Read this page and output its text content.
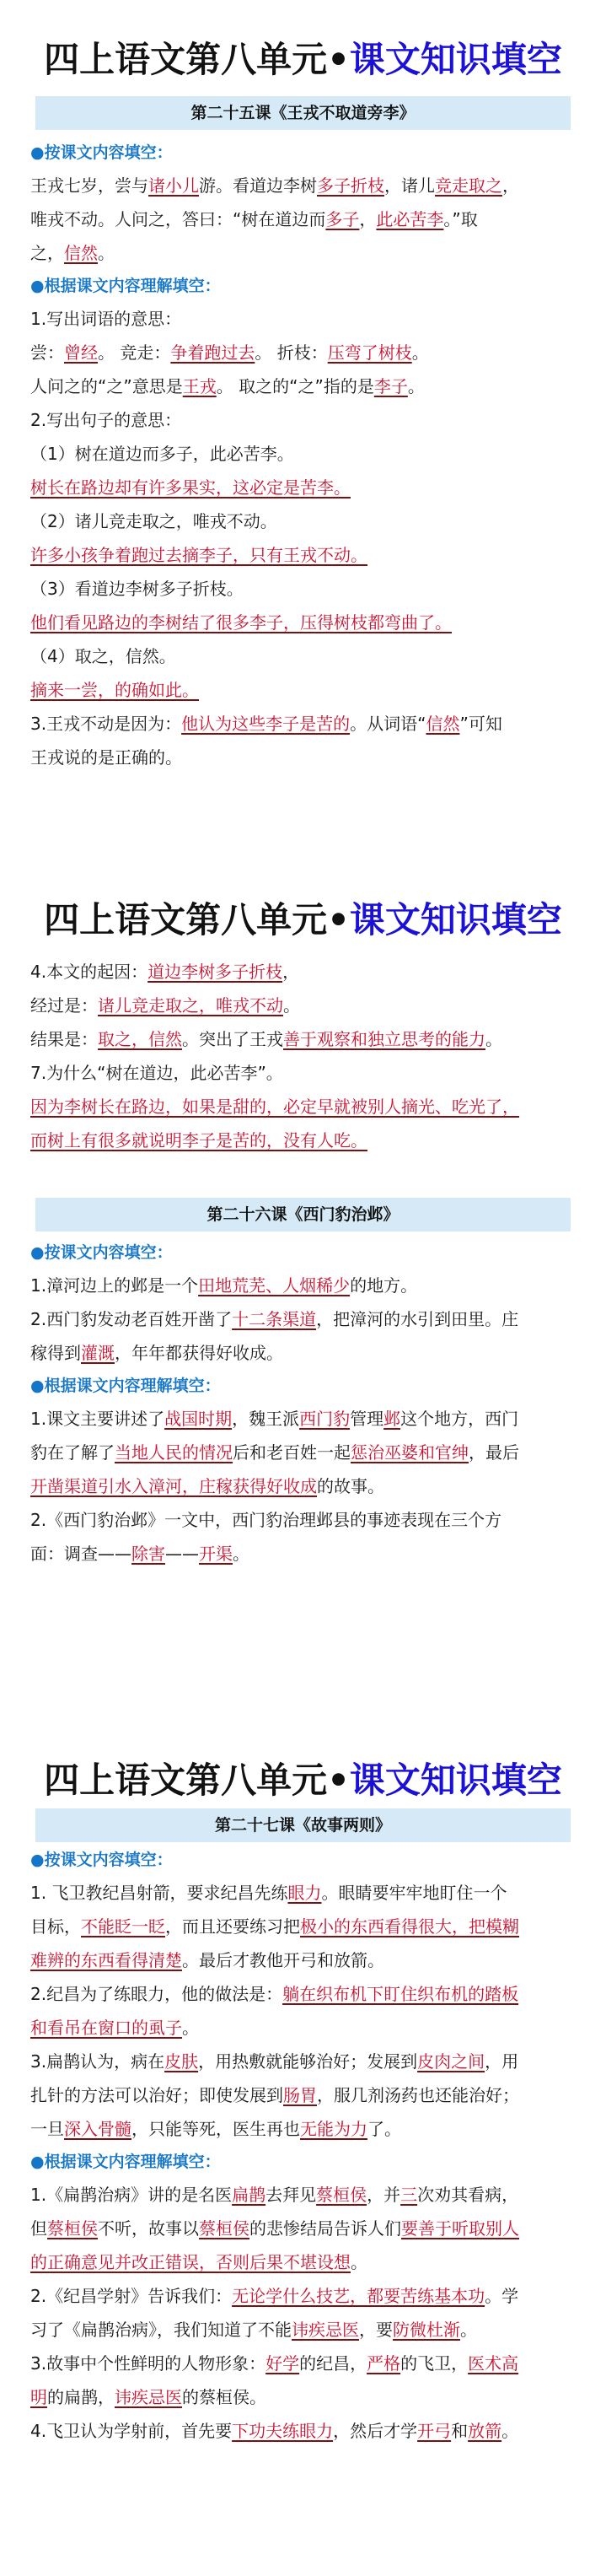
四上语文第八单元•课文知识填空
第二十五课《王戎不取道旁李》
●按课文内容填空：
王戎七岁，尝与诸小儿游。看道边李树多子折枝，诸儿竞走取之，
唯戎不动。人问之，答曰：“树在道边而多子，此必苦李。”取
之，信然。
●根据课文内容理解填空：
1.写出词语的意思：
尝：曾经。 竞走：争着跑过去。 折枝：压弯了树枝。
人问之的“之”意思是王戎。 取之的“之”指的是李子。
2.写出句子的意思：
（1）树在道边而多子，此必苦李。
树长在路边却有许多果实，这必定是苦李。
（2）诸儿竞走取之，唯戎不动。
许多小孩争着跑过去摘李子，只有王戎不动。
（3）看道边李树多子折枝。
他们看见路边的李树结了很多李子，压得树枝都弯曲了。
（4）取之，信然。
摘来一尝，的确如此。
3.王戎不动是因为：他认为这些李子是苦的。从词语“信然”可知
王戎说的是正确的。
四上语文第八单元•课文知识填空
4.本文的起因：道边李树多子折枝，
经过是：诸儿竞走取之，唯戎不动。
结果是：取之，信然。突出了王戎善于观察和独立思考的能力。
7.为什么“树在道边，此必苦李”。
因为李树长在路边，如果是甜的，必定早就被别人摘光、吃光了，
而树上有很多就说明李子是苦的，没有人吃。
第二十六课《西门豹治邺》
●按课文内容填空：
1.漳河边上的邺是一个田地荒芜、人烟稀少的地方。
2.西门豹发动老百姓开凿了十二条渠道，把漳河的水引到田里。庄
稼得到灌溉，年年都获得好收成。
●根据课文内容理解填空：
1.课文主要讲述了战国时期，魏王派西门豹管理邺这个地方，西门
豹在了解了当地人民的情况后和老百姓一起惩治巫婆和官绅，最后
开凿渠道引水入漳河，庄稼获得好收成的故事。
2.《西门豹治邺》一文中，西门豹治理邺县的事迹表现在三个方
面：调查——除害——开渠。
四上语文第八单元•课文知识填空
第二十七课《故事两则》
●按课文内容填空：
1. 飞卫教纪昌射箭，要求纪昌先练眼力。眼睛要牢牢地盯住一个
目标，不能眨一眨，而且还要练习把极小的东西看得很大，把模糊
难辨的东西看得清楚。最后才教他开弓和放箭。
2.纪昌为了练眼力，他的做法是：躺在织布机下盯住织布机的踏板
和看吊在窗口的虱子。
3.扁鹊认为，病在皮肤，用热敷就能够治好；发展到皮肉之间，用
扎针的方法可以治好；即使发展到肠胃，服几剂汤药也还能治好；
一旦深入骨髓，只能等死，医生再也无能为力了。
●根据课文内容理解填空：
1.《扁鹊治病》讲的是名医扁鹊去拜见蔡桓侯，并三次劝其看病，
但蔡桓侯不听，故事以蔡桓侯的悲惨结局告诉人们要善于听取别人
的正确意见并改正错误，否则后果不堪设想。
2.《纪昌学射》告诉我们：无论学什么技艺，都要苦练基本功。学
习了《扁鹊治病》，我们知道了不能讳疾忌医，要防微杜渐。
3.故事中个性鲜明的人物形象：好学的纪昌，严格的飞卫，医术高
明的扁鹊，讳疾忌医的蔡桓侯。
4.飞卫认为学射前，首先要下功夫练眼力，然后才学开弓和放箭。
